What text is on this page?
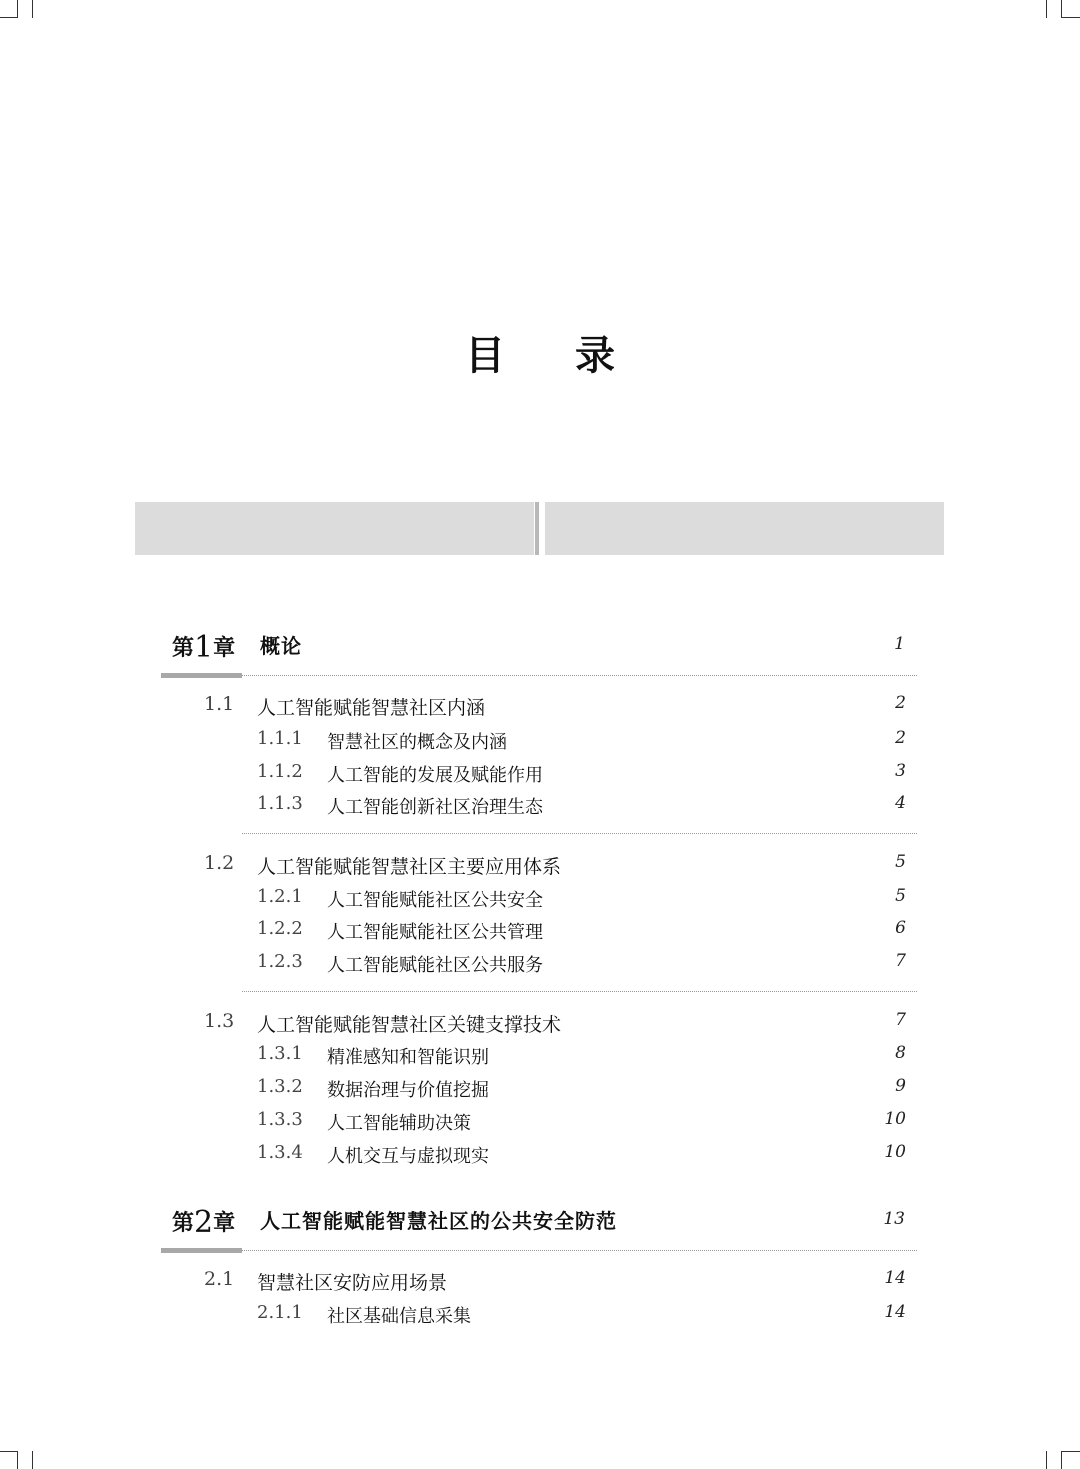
目 录
第1章 概论	1
1.1 人工智能赋能智慧社区内涵	2
1.1.1 智慧社区的概念及内涵	2
1.1.2 人工智能的发展及赋能作用	3
1.1.3 人工智能创新社区治理生态	4
1.2 人工智能赋能智慧社区主要应用体系	5
1.2.1 人工智能赋能社区公共安全	5
1.2.2 人工智能赋能社区公共管理	6
1.2.3 人工智能赋能社区公共服务	7
1.3 人工智能赋能智慧社区关键支撑技术	7
1.3.1 精准感知和智能识别	8
1.3.2 数据治理与价值挖掘	9
1.3.3 人工智能辅助决策	10
1.3.4 人机交互与虚拟现实	10
第2章 人工智能赋能智慧社区的公共安全防范	13
2.1 智慧社区安防应用场景	14
2.1.1 社区基础信息采集	14
